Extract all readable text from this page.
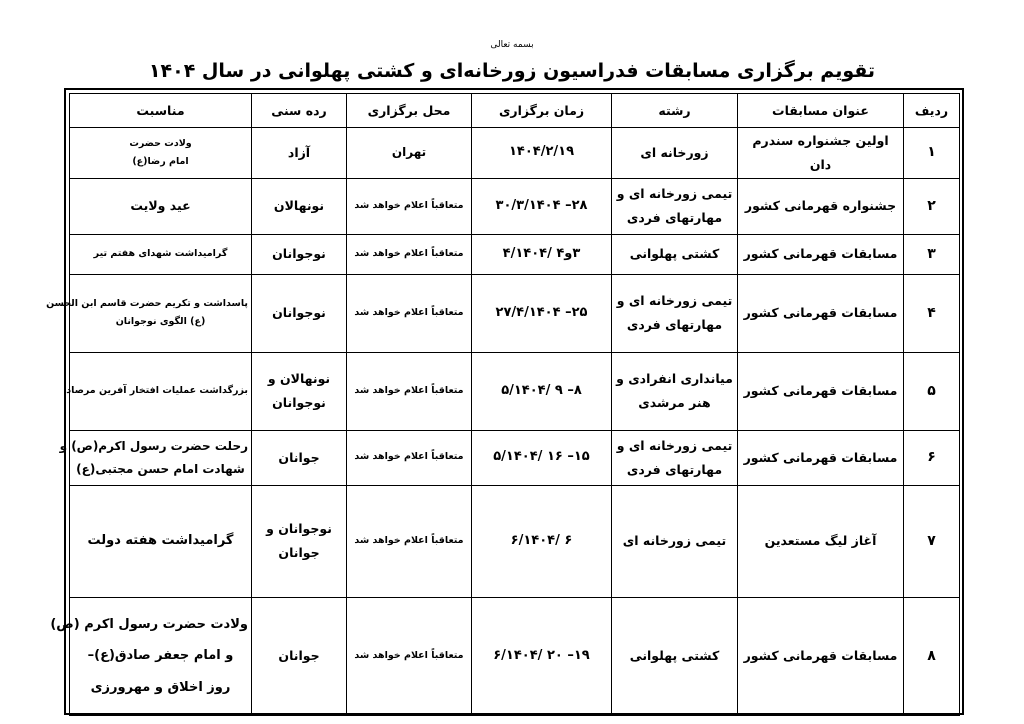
بسمه تعالی
تقویم برگزاری مسابقات فدراسیون زورخانه‌ای و کشتی پهلوانی در سال ۱۴۰۴
ردیف	عنوان مسابقات	رشته	زمان برگزاری	محل برگزاری	رده سنی	مناسبت
۱	اولین جشنواره سندرم دان	زورخانه ای	۱۴۰۴/۲/۱۹	تهران	آزاد	ولادت حضرت
امام رضا(ع)

۲	جشنواره قهرمانی کشور	تیمی زورخانه ای و
مهارتهای فردی	۲۸– ۳۰/۳/۱۴۰۴	متعاقباً اعلام خواهد شد	نونهالان	عید ولایت

۳	مسابقات قهرمانی کشور	کشتی پهلوانی	۳و۴ /۴/۱۴۰۴	متعاقباً اعلام خواهد شد	نوجوانان	گرامیداشت شهدای هفتم تیر

۴	مسابقات قهرمانی کشور	تیمی زورخانه ای و
مهارتهای فردی	۲۵– ۲۷/۴/۱۴۰۴	متعاقباً اعلام خواهد شد	نوجوانان	پاسداشت و تکریم حضرت قاسم ابن الحسن
(ع) الگوی نوجوانان

۵	مسابقات قهرمانی کشور	میانداری انفرادی و
هنر مرشدی	۸– ۹ /۵/۱۴۰۴	متعاقباً اعلام خواهد شد	نونهالان و
نوجوانان	بزرگداشت عملیات افتخار آفرین مرصاد

۶	مسابقات قهرمانی کشور	تیمی زورخانه ای و
مهارتهای فردی	۱۵– ۱۶ /۵/۱۴۰۴	متعاقباً اعلام خواهد شد	جوانان	رحلت حضرت رسول اکرم(ص) و
شهادت امام حسن مجتبی(ع)

۷	آغاز لیگ مستعدین	تیمی زورخانه ای	۶ /۶/۱۴۰۴	متعاقباً اعلام خواهد شد	نوجوانان و
جوانان	گرامیداشت هفته دولت

۸	مسابقات قهرمانی کشور	کشتی پهلوانی	۱۹– ۲۰ /۶/۱۴۰۴	متعاقباً اعلام خواهد شد	جوانان	ولادت حضرت رسول اکرم (ص)
و امام جعفر صادق(ع)–
روز اخلاق و مهرورزی
